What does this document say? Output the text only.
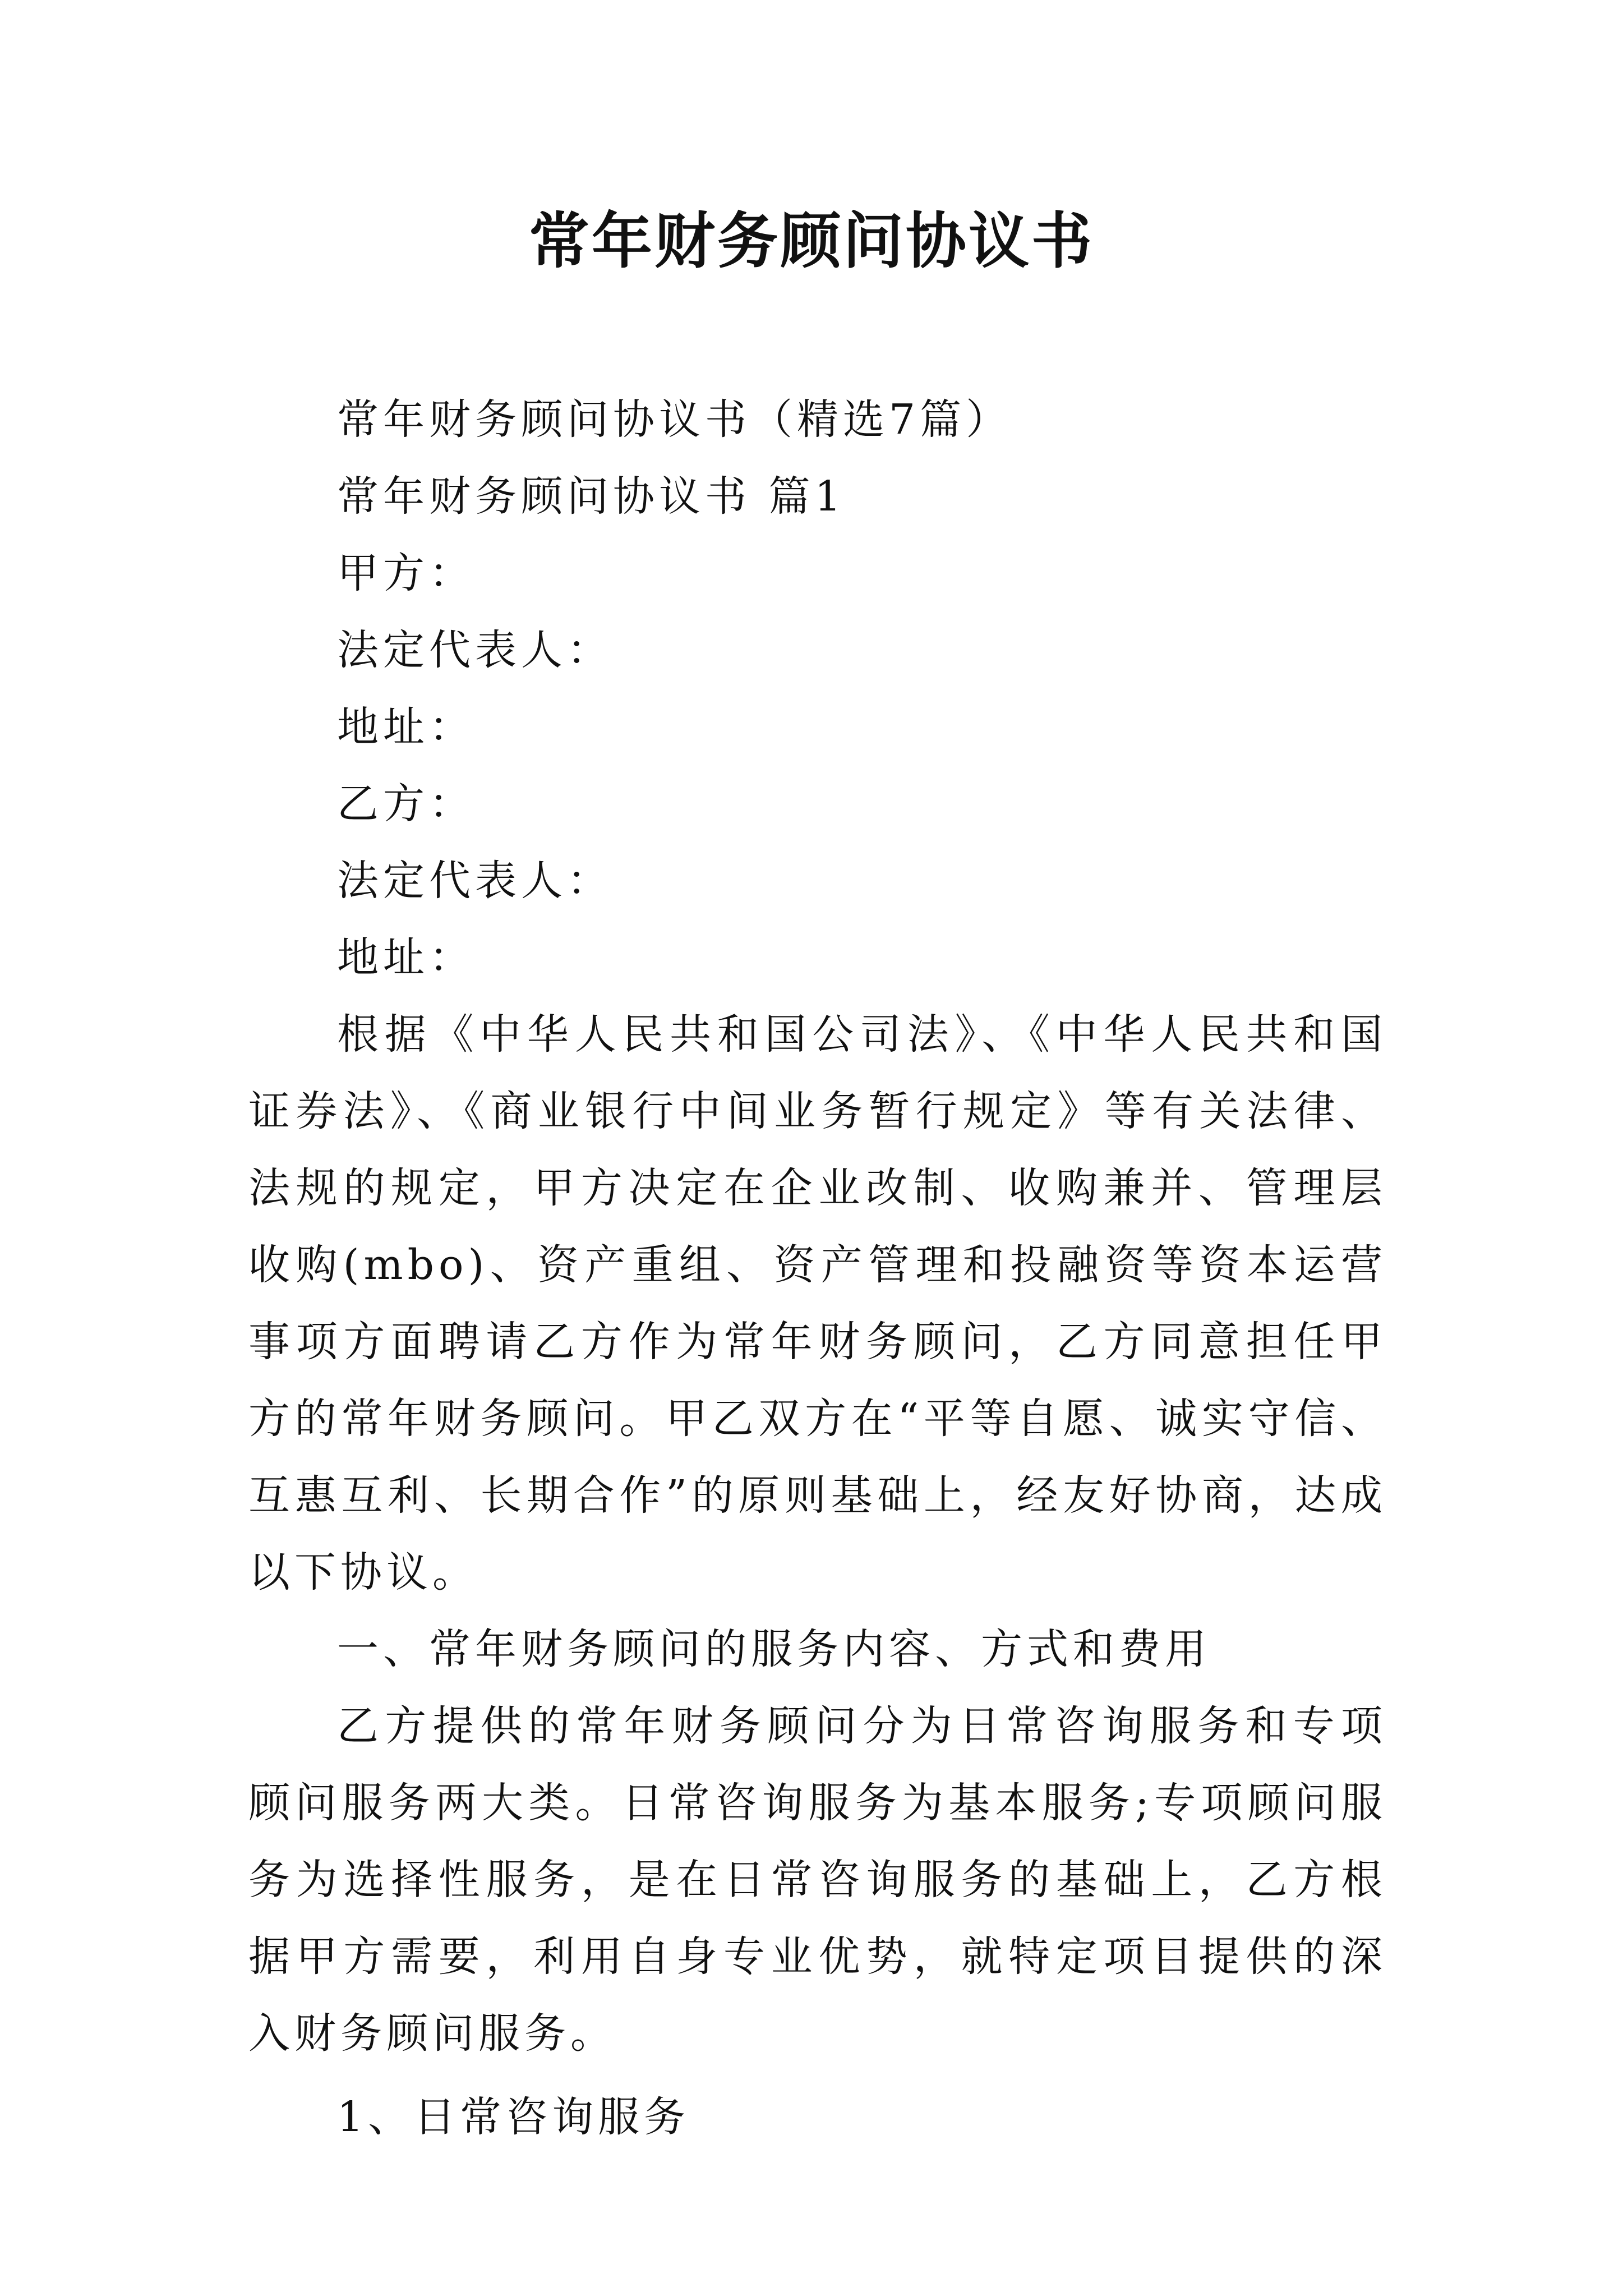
常年财务顾问协议书

常年财务顾问协议书（精选7篇）

常年财务顾问协议书 篇1

甲方：

法定代表人：

地址：

乙方：

法定代表人：

地址：

根据《中华人民共和国公司法》、《中华人民共和国证券法》、《商业银行中间业务暂行规定》等有关法律、法规的规定，甲方决定在企业改制、收购兼并、管理层收购(mbo)、资产重组、资产管理和投融资等资本运营事项方面聘请乙方作为常年财务顾问，乙方同意担任甲方的常年财务顾问。甲乙双方在“平等自愿、诚实守信、互惠互利、长期合作”的原则基础上，经友好协商，达成以下协议。

一、常年财务顾问的服务内容、方式和费用

乙方提供的常年财务顾问分为日常咨询服务和专项顾问服务两大类。日常咨询服务为基本服务;专项顾问服务为选择性服务，是在日常咨询服务的基础上，乙方根据甲方需要，利用自身专业优势，就特定项目提供的深入财务顾问服务。

1、日常咨询服务
